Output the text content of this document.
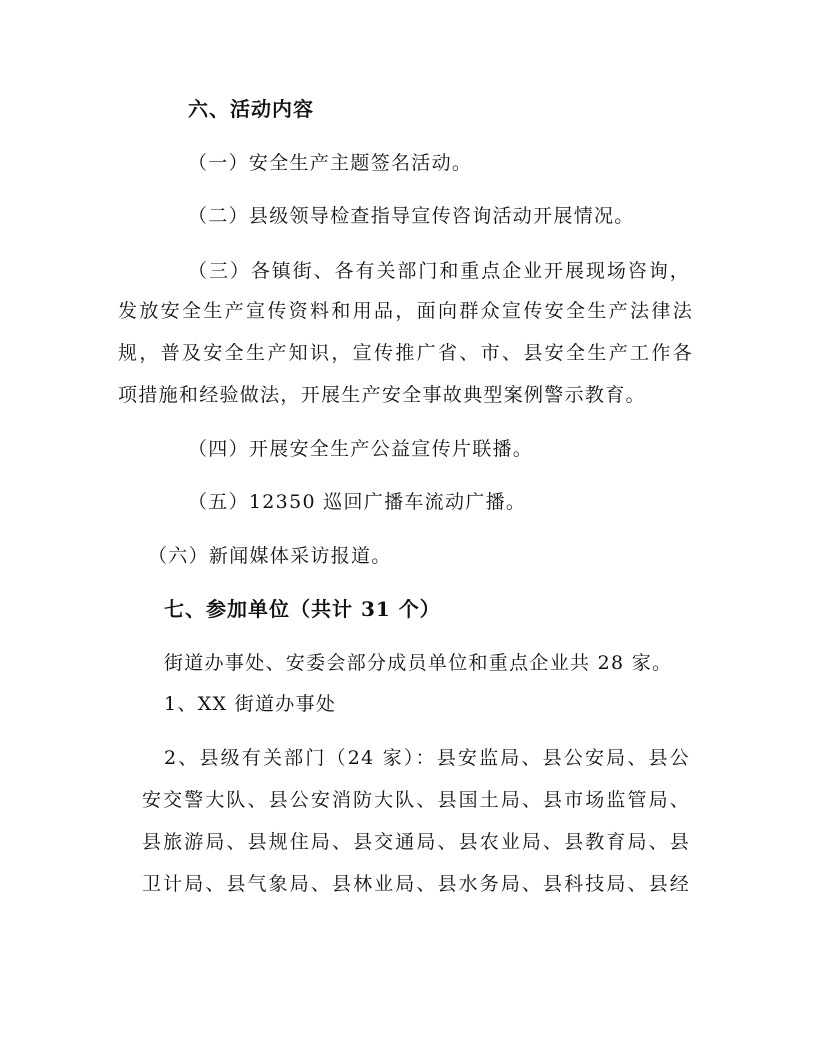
六、活动内容
（一）安全生产主题签名活动。
（二）县级领导检查指导宣传咨询活动开展情况。
（三）各镇街、各有关部门和重点企业开展现场咨询，
发放安全生产宣传资料和用品，面向群众宣传安全生产法律法
规，普及安全生产知识，宣传推广省、市、县安全生产工作各
项措施和经验做法，开展生产安全事故典型案例警示教育。
（四）开展安全生产公益宣传片联播。
（五）12350 巡回广播车流动广播。
（六）新闻媒体采访报道。
七、参加单位（共计 31 个）
街道办事处、安委会部分成员单位和重点企业共 28 家。
1、XX 街道办事处
2、县级有关部门（24 家）：县安监局、县公安局、县公
安交警大队、县公安消防大队、县国土局、县市场监管局、
县旅游局、县规住局、县交通局、县农业局、县教育局、县
卫计局、县气象局、县林业局、县水务局、县科技局、县经
